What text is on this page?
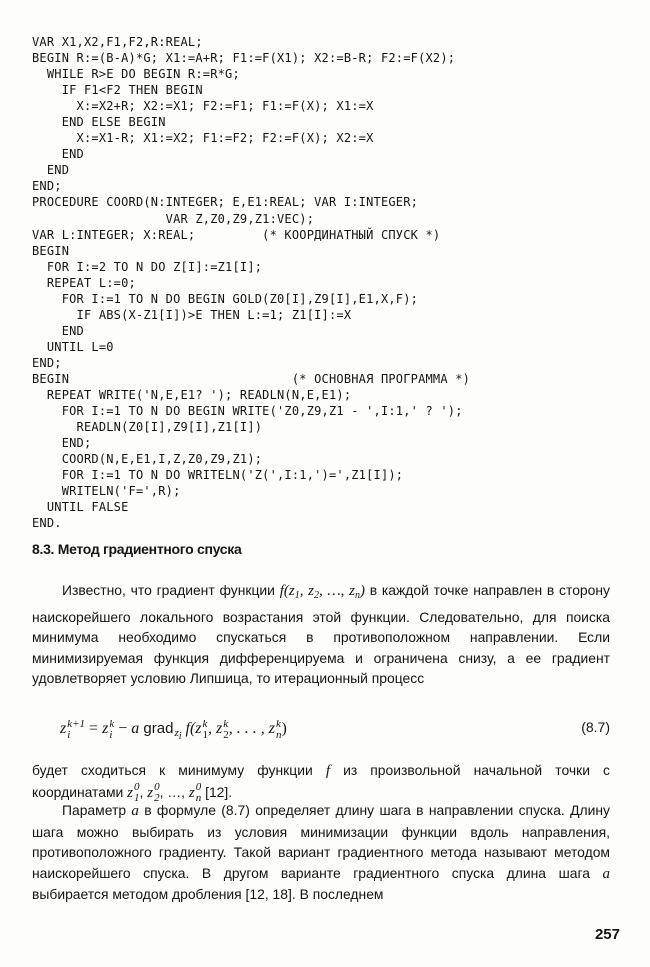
VAR X1,X2,F1,F2,R:REAL;
BEGIN R:=(B-A)*G; X1:=A+R; F1:=F(X1); X2:=B-R; F2:=F(X2);
WHILE R>E DO BEGIN R:=R*G;
IF F1<F2 THEN BEGIN
X:=X2+R; X2:=X1; F2:=F1; F1:=F(X); X1:=X
END ELSE BEGIN
X:=X1-R; X1:=X2; F1:=F2; F2:=F(X); X2:=X
END
END
END;
PROCEDURE COORD(N:INTEGER; E,E1:REAL; VAR I:INTEGER;
VAR Z,Z0,Z9,Z1:VEC);
VAR L:INTEGER; X:REAL;         (* КООРДИНАТНЫЙ СПУСК *)
BEGIN
FOR I:=2 TO N DO Z[I]:=Z1[I];
REPEAT L:=0;
FOR I:=1 TO N DO BEGIN GOLD(Z0[I],Z9[I],E1,X,F);
IF ABS(X-Z1[I])>E THEN L:=1; Z1[I]:=X
END
UNTIL L=0
END;
BEGIN                              (* ОСНОВНАЯ ПРОГРАММА *)
REPEAT WRITE('N,E,E1? '); READLN(N,E,E1);
FOR I:=1 TO N DO BEGIN WRITE('Z0,Z9,Z1 - ',I:1,' ? ');
READLN(Z0[I],Z9[I],Z1[I])
END;
COORD(N,E,E1,I,Z,Z0,Z9,Z1);
FOR I:=1 TO N DO WRITELN('Z(',I:1,')=',Z1[I]);
WRITELN('F=',R);
UNTIL FALSE
END.
8.3. Метод градиентного спуска

Известно, что градиент функции $f(z_1$, $z_2$, …, $z_n$) в каждой точке направлен в сторону наискорейшего локального возрастания этой функции. Следовательно, для поиска минимума необходимо спускаться в противоположном направлении. Если минимизируемая функция дифференцируема и ограничена снизу, а ее градиент удовлетворяет условию Липшица, то итерационный процесс

z k+1
i = z k
i − a grad
zi f(z k
1 , z k
2 , . . . , z k
n )	(8.7)

будет сходиться к минимуму функции f из произвольной начальной точки с координатами z 0
1 , z 0
2 , …, z 0
n [12].

Параметр a в формуле (8.7) определяет длину шага в направлении спуска. Длину шага можно выбирать из условия минимизации функции вдоль направления, противоположного градиенту. Такой вариант градиентного метода называют методом наискорейшего спуска. В другом варианте градиентного спуска длина шага a выбирается методом дробления [12, 18]. В последнем

257
